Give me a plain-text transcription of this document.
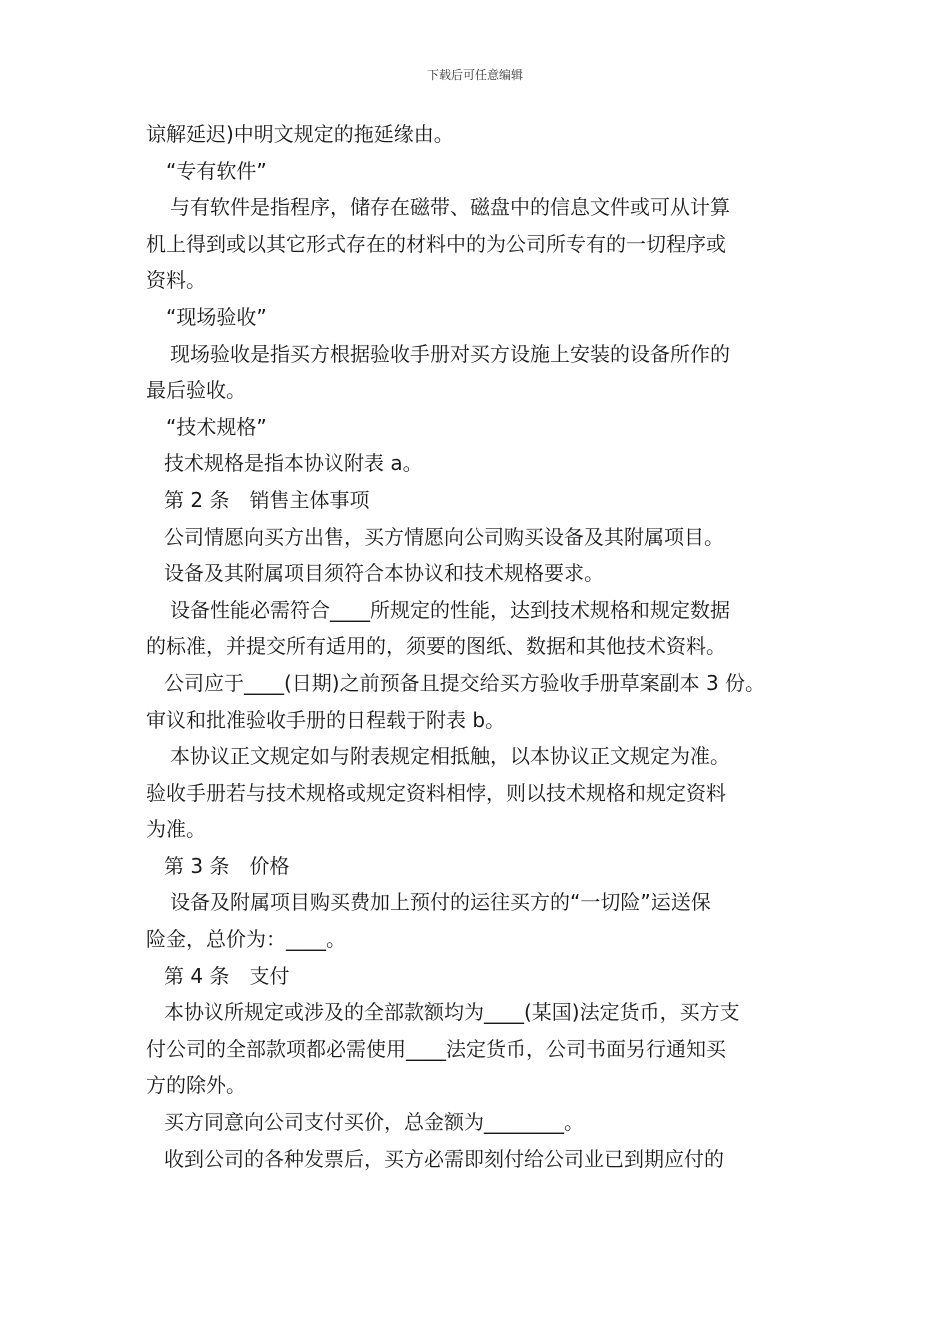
下载后可任意编辑

谅解延迟)中明文规定的拖延缘由。

“专有软件”

与有软件是指程序，储存在磁带、磁盘中的信息文件或可从计算

机上得到或以其它形式存在的材料中的为公司所专有的一切程序或

资料。

“现场验收”

现场验收是指买方根据验收手册对买方设施上安装的设备所作的

最后验收。

“技术规格”

技术规格是指本协议附表 a。

第 2 条　销售主体事项

公司情愿向买方出售，买方情愿向公司购买设备及其附属项目。

设备及其附属项目须符合本协议和技术规格要求。

设备性能必需符合____所规定的性能，达到技术规格和规定数据

的标准，并提交所有适用的，须要的图纸、数据和其他技术资料。

公司应于____(日期)之前预备且提交给买方验收手册草案副本 3 份。

审议和批准验收手册的日程载于附表 b。

本协议正文规定如与附表规定相抵触，以本协议正文规定为准。

验收手册若与技术规格或规定资料相悖，则以技术规格和规定资料

为准。

第 3 条　价格

设备及附属项目购买费加上预付的运往买方的“一切险”运送保

险金，总价为：____。

第 4 条　支付

本协议所规定或涉及的全部款额均为____(某国)法定货币，买方支

付公司的全部款项都必需使用____法定货币，公司书面另行通知买

方的除外。

买方同意向公司支付买价，总金额为________。

收到公司的各种发票后，买方必需即刻付给公司业已到期应付的
